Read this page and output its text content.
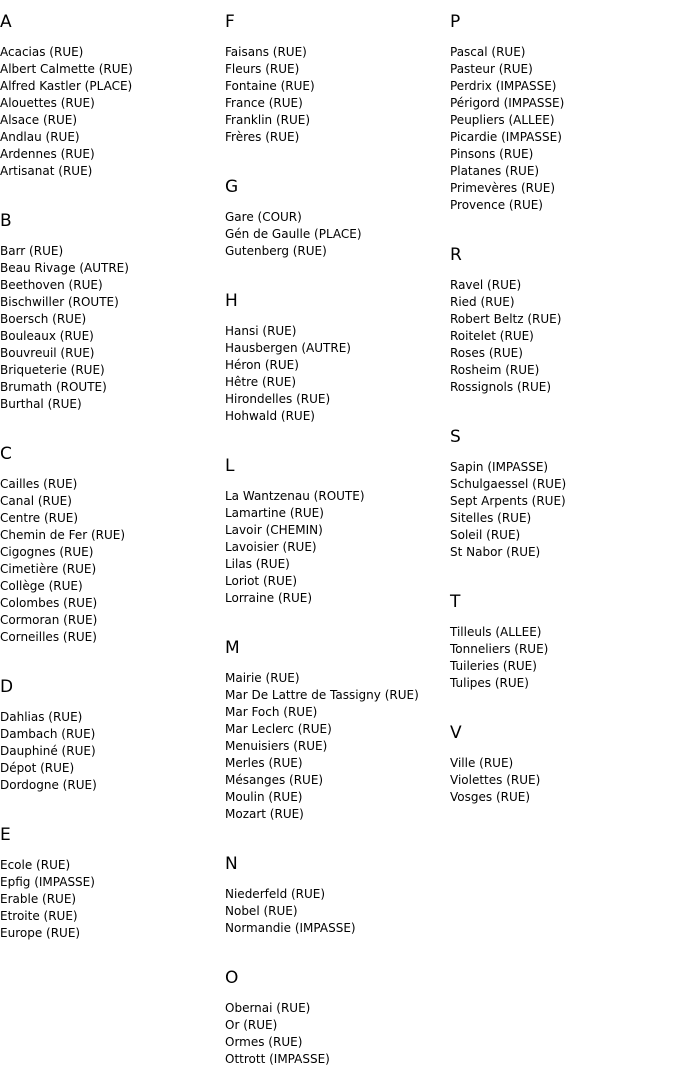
A
Acacias (RUE)
Albert Calmette (RUE)
Alfred Kastler (PLACE)
Alouettes (RUE)
Alsace (RUE)
Andlau (RUE)
Ardennes (RUE)
Artisanat (RUE)
B
Barr (RUE)
Beau Rivage (AUTRE)
Beethoven (RUE)
Bischwiller (ROUTE)
Boersch (RUE)
Bouleaux (RUE)
Bouvreuil (RUE)
Briqueterie (RUE)
Brumath (ROUTE)
Burthal (RUE)
C
Cailles (RUE)
Canal (RUE)
Centre (RUE)
Chemin de Fer (RUE)
Cigognes (RUE)
Cimetière (RUE)
Collège (RUE)
Colombes (RUE)
Cormoran (RUE)
Corneilles (RUE)
D
Dahlias (RUE)
Dambach (RUE)
Dauphiné (RUE)
Dépot (RUE)
Dordogne (RUE)
E
Ecole (RUE)
Epfig (IMPASSE)
Erable (RUE)
Etroite (RUE)
Europe (RUE)
F
Faisans (RUE)
Fleurs (RUE)
Fontaine (RUE)
France (RUE)
Franklin (RUE)
Frères (RUE)
G
Gare (COUR)
Gén de Gaulle (PLACE)
Gutenberg (RUE)
H
Hansi (RUE)
Hausbergen (AUTRE)
Héron (RUE)
Hêtre (RUE)
Hirondelles (RUE)
Hohwald (RUE)
L
La Wantzenau (ROUTE)
Lamartine (RUE)
Lavoir (CHEMIN)
Lavoisier (RUE)
Lilas (RUE)
Loriot (RUE)
Lorraine (RUE)
M
Mairie (RUE)
Mar De Lattre de Tassigny (RUE)
Mar Foch (RUE)
Mar Leclerc (RUE)
Menuisiers (RUE)
Merles (RUE)
Mésanges (RUE)
Moulin (RUE)
Mozart (RUE)
N
Niederfeld (RUE)
Nobel (RUE)
Normandie (IMPASSE)
O
Obernai (RUE)
Or (RUE)
Ormes (RUE)
Ottrott (IMPASSE)
P
Pascal (RUE)
Pasteur (RUE)
Perdrix (IMPASSE)
Périgord (IMPASSE)
Peupliers (ALLEE)
Picardie (IMPASSE)
Pinsons (RUE)
Platanes (RUE)
Primevères (RUE)
Provence (RUE)
R
Ravel (RUE)
Ried (RUE)
Robert Beltz (RUE)
Roitelet (RUE)
Roses (RUE)
Rosheim (RUE)
Rossignols (RUE)
S
Sapin (IMPASSE)
Schulgaessel (RUE)
Sept Arpents (RUE)
Sitelles (RUE)
Soleil (RUE)
St Nabor (RUE)
T
Tilleuls (ALLEE)
Tonneliers (RUE)
Tuileries (RUE)
Tulipes (RUE)
V
Ville (RUE)
Violettes (RUE)
Vosges (RUE)
